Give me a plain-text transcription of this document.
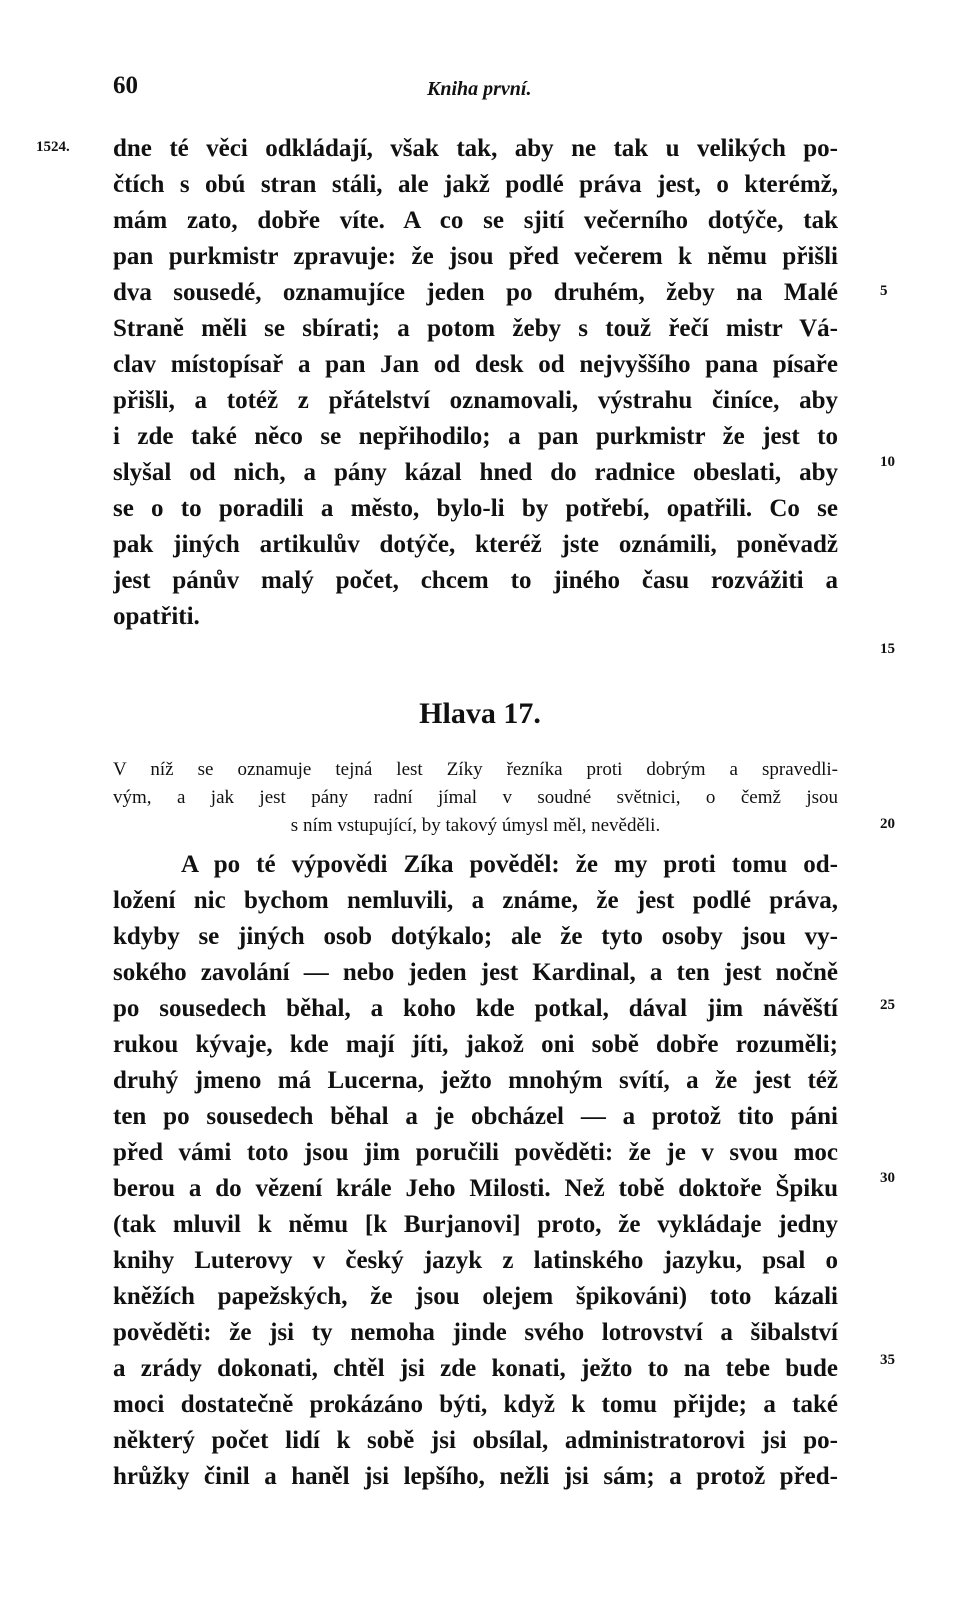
60	Kniha první.
1524. dne té věci odkládají, však tak, aby ne tak u velikých po-
čtích s obú stran stáli, ale jakž podlé práva jest, o kterémž,
mám zato, dobře víte. A co se sjití večerního dotýče, tak
pan purkmistr zpravuje: že jsou před večerem k němu přišli
dva sousedé, oznamujíce jeden po druhém, žeby na Malé
Straně měli se sbírati; a potom žeby s touž řečí mistr Vá-
clav místopísař a pan Jan od desk od nejvyššího pana písaře
přišli, a totéž z přátelství oznamovali, výstrahu činíce, aby
i zde také něco se nepřihodilo; a pan purkmistr že jest to
slyšal od nich, a pány kázal hned do radnice obeslati, aby
se o to poradili a město, bylo-li by potřebí, opatřili. Co se
pak jiných artikulův dotýče, kteréž jste oznámili, poněvadž
jest pánův malý počet, chcem to jiného času rozvážiti a
opatřiti.
Hlava 17.
V níž se oznamuje tejná lest Zíky řezníka proti dobrým a spravedli-
vým, a jak jest pány radní jímal v soudné světnici, o čemž jsou
s ním vstupující, by takový úmysl měl, nevěděli.
A po té výpovědi Zíka pověděl: že my proti tomu od-
ložení nic bychom nemluvili, a známe, že jest podlé práva,
kdyby se jiných osob dotýkalo; ale že tyto osoby jsou vy-
sokého zavolání — nebo jeden jest Kardinal, a ten jest nočně
po sousedech běhal, a koho kde potkal, dával jim návěští
rukou kývaje, kde mají jíti, jakož oni sobě dobře rozuměli;
druhý jmeno má Lucerna, ježto mnohým svítí, a že jest též
ten po sousedech běhal a je obcházel — a protož tito páni
před vámi toto jsou jim poručili pověděti: že je v svou moc
berou a do vězení krále Jeho Milosti. Než tobě doktoře Špiku
(tak mluvil k němu [k Burjanovi] proto, že vykládaje jedny
knihy Luterovy v český jazyk z latinského jazyku, psal o
kněžích papežských, že jsou olejem špikováni) toto kázali
pověděti: že jsi ty nemoha jinde svého lotrovství a šibalství
a zrády dokonati, chtěl jsi zde konati, ježto to na tebe bude
moci dostatečně prokázáno býti, když k tomu přijde; a také
některý počet lidí k sobě jsi obsílal, administratorovi jsi po-
hrůžky činil a haněl jsi lepšího, nežli jsi sám; a protož před-
5
10
15
20
25
30
35
